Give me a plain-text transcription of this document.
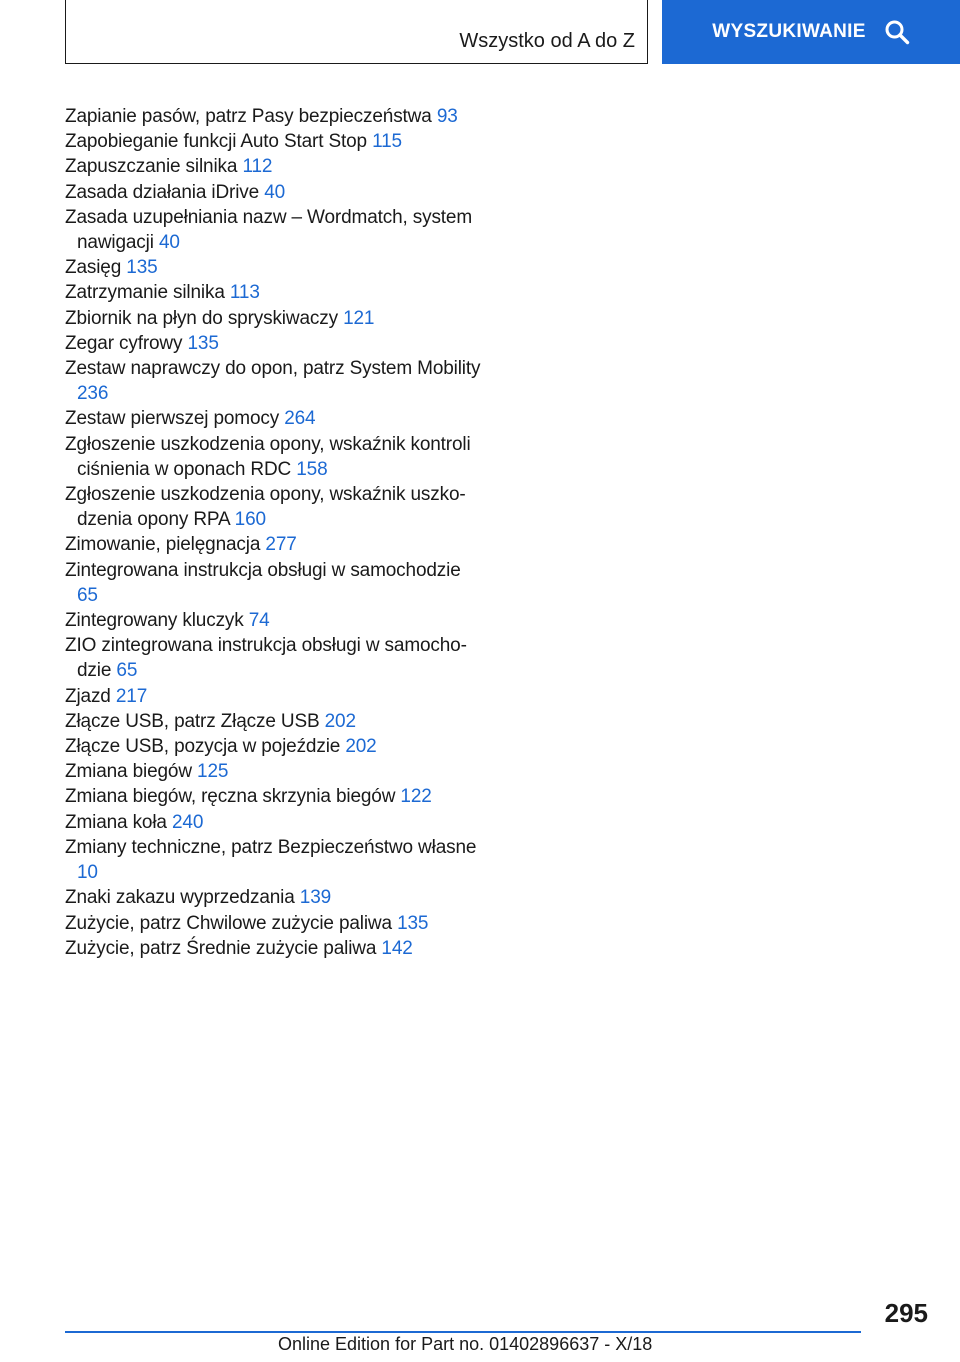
Wszystko od A do Z	WYSZUKIWANIE
Zapianie pasów, patrz Pasy bezpieczeństwa 93
Zapobieganie funkcji Auto Start Stop 115
Zapuszczanie silnika 112
Zasada działania iDrive 40
Zasada uzupełniania nazw – Wordmatch, system nawigacji 40
Zasięg 135
Zatrzymanie silnika 113
Zbiornik na płyn do spryskiwaczy 121
Zegar cyfrowy 135
Zestaw naprawczy do opon, patrz System Mobility 236
Zestaw pierwszej pomocy 264
Zgłoszenie uszkodzenia opony, wskaźnik kontroli ciśnienia w oponach RDC 158
Zgłoszenie uszkodzenia opony, wskaźnik uszkodzenia opony RPA 160
Zimowanie, pielęgnacja 277
Zintegrowana instrukcja obsługi w samochodzie 65
Zintegrowany kluczyk 74
ZIO zintegrowana instrukcja obsługi w samochodzie 65
Zjazd 217
Złącze USB, patrz Złącze USB 202
Złącze USB, pozycja w pojeździe 202
Zmiana biegów 125
Zmiana biegów, ręczna skrzynia biegów 122
Zmiana koła 240
Zmiany techniczne, patrz Bezpieczeństwo własne 10
Znaki zakazu wyprzedzania 139
Zużycie, patrz Chwilowe zużycie paliwa 135
Zużycie, patrz Średnie zużycie paliwa 142
295
Online Edition for Part no. 01402896637 - X/18
